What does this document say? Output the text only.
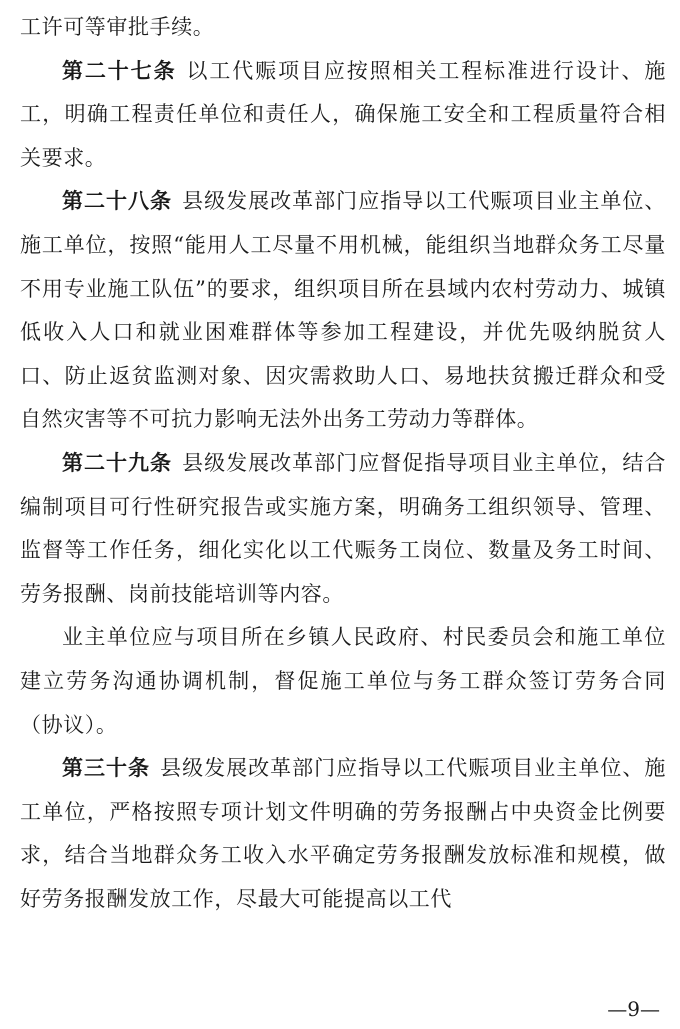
工许可等审批手续。

第二十七条 以工代赈项目应按照相关工程标准进行设计、施工，明确工程责任单位和责任人，确保施工安全和工程质量符合相关要求。

第二十八条 县级发展改革部门应指导以工代赈项目业主单位、施工单位，按照“能用人工尽量不用机械，能组织当地群众务工尽量不用专业施工队伍”的要求，组织项目所在县域内农村劳动力、城镇低收入人口和就业困难群体等参加工程建设，并优先吸纳脱贫人口、防止返贫监测对象、因灾需救助人口、易地扶贫搬迁群众和受自然灾害等不可抗力影响无法外出务工劳动力等群体。

第二十九条 县级发展改革部门应督促指导项目业主单位，结合编制项目可行性研究报告或实施方案，明确务工组织领导、管理、监督等工作任务，细化实化以工代赈务工岗位、数量及务工时间、劳务报酬、岗前技能培训等内容。

业主单位应与项目所在乡镇人民政府、村民委员会和施工单位建立劳务沟通协调机制，督促施工单位与务工群众签订劳务合同（协议）。

第三十条 县级发展改革部门应指导以工代赈项目业主单位、施工单位，严格按照专项计划文件明确的劳务报酬占中央资金比例要求，结合当地群众务工收入水平确定劳务报酬发放标准和规模，做好劳务报酬发放工作，尽最大可能提高以工代

—9—
